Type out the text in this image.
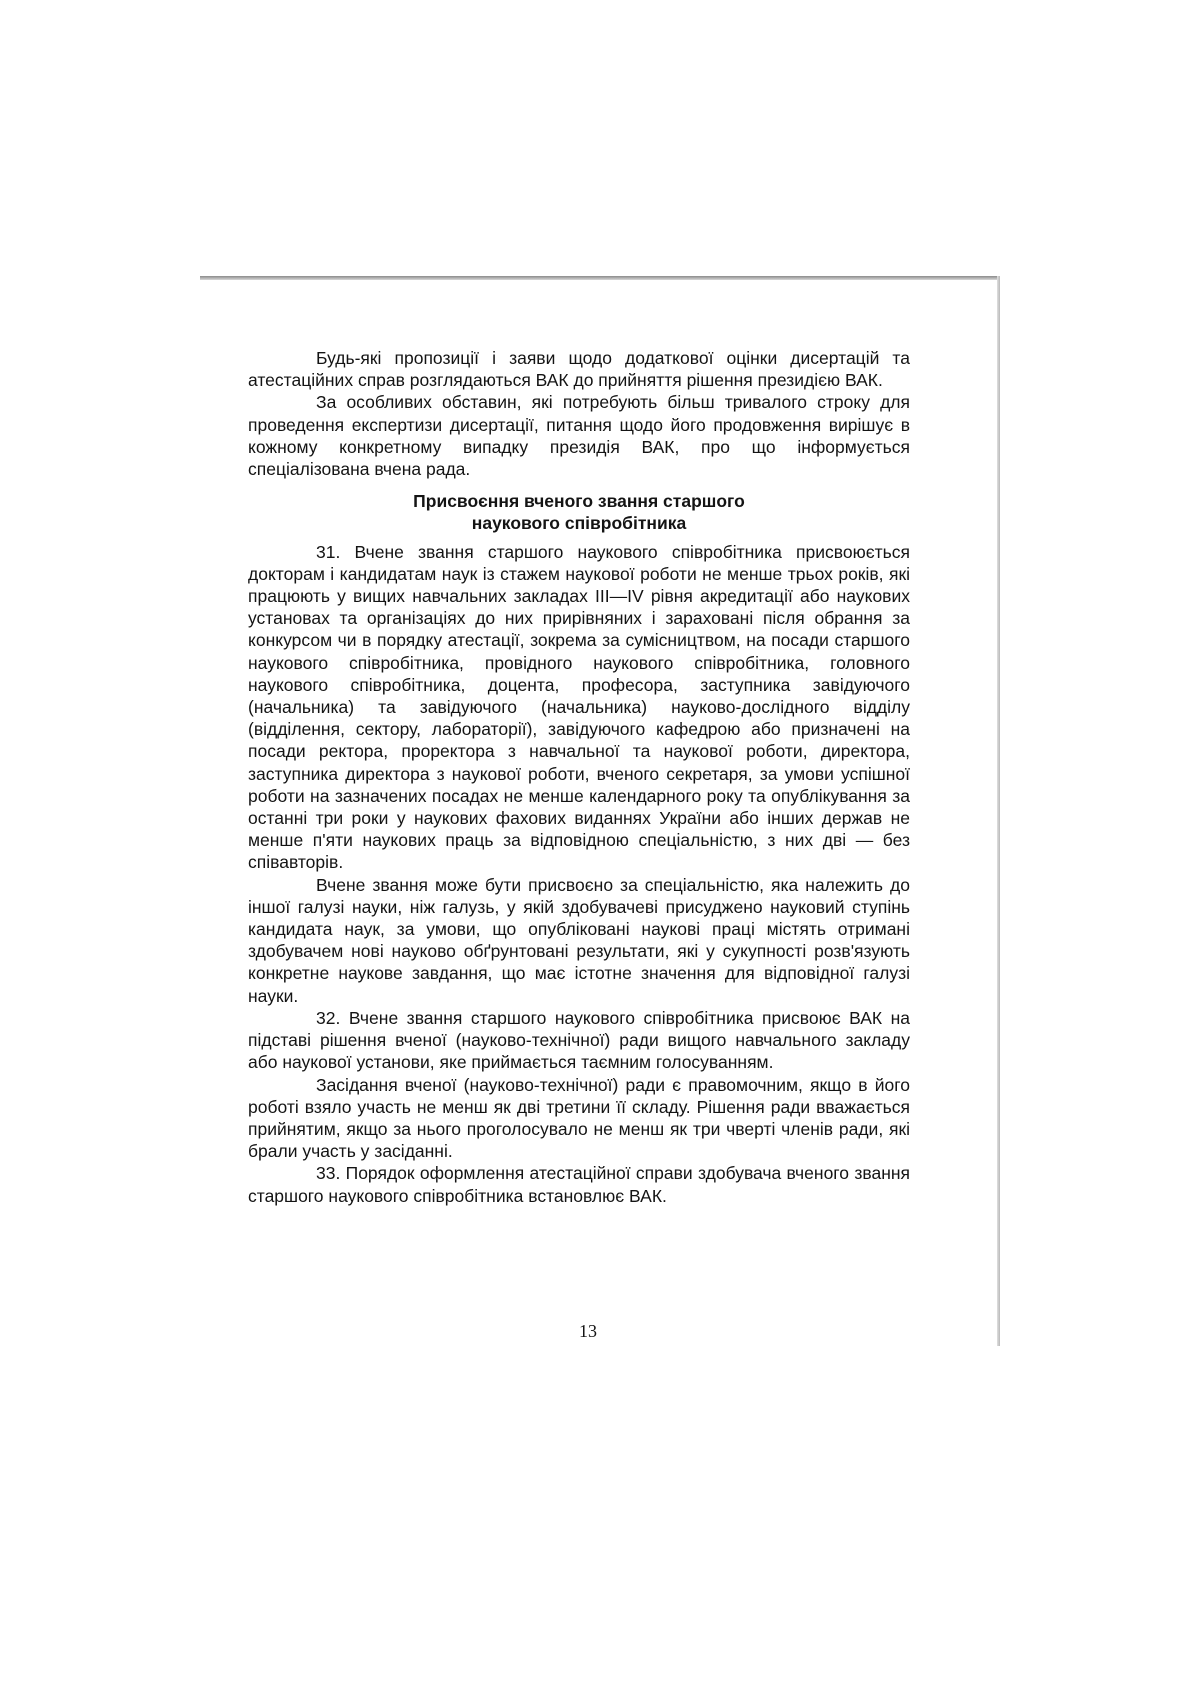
Будь-які пропозиції і заяви щодо додаткової оцінки дисертацій та атестаційних справ розглядаються ВАК до прийняття рішення президією ВАК.

За особливих обставин, які потребують більш тривалого строку для проведення експертизи дисертації, питання щодо його продовження вирішує в кожному конкретному випадку президія ВАК, про що інформується спеціалізована вчена рада.

Присвоєння вченого звання старшого
наукового співробітника

31. Вчене звання старшого наукового співробітника присвоюється докторам і кандидатам наук із стажем наукової роботи не менше трьох років, які працюють у вищих навчальних закладах III—IV рівня акредитації або наукових установах та організаціях до них прирівняних і зараховані після обрання за конкурсом чи в порядку атестації, зокрема за сумісництвом, на посади старшого наукового співробітника, провідного наукового співробітника, головного наукового співробітника, доцента, професора, заступника завідуючого (начальника) та завідуючого (начальника) науково-дослідного відділу (відділення, сектору, лабораторії), завідуючого кафедрою або призначені на посади ректора, проректора з навчальної та наукової роботи, директора, заступника директора з наукової роботи, вченого секретаря, за умови успішної роботи на зазначених посадах не менше календарного року та опублікування за останні три роки у наукових фахових виданнях України або інших держав не менше п'яти наукових праць за відповідною спеціальністю, з них дві — без співавторів.

Вчене звання може бути присвоєно за спеціальністю, яка належить до іншої галузі науки, ніж галузь, у якій здобувачеві присуджено науковий ступінь кандидата наук, за умови, що опубліковані наукові праці містять отримані здобувачем нові науково обґрунтовані результати, які у сукупності розв'язують конкретне наукове завдання, що має істотне значення для відповідної галузі науки.

32. Вчене звання старшого наукового співробітника присвоює ВАК на підставі рішення вченої (науково-технічної) ради вищого навчального закладу або наукової установи, яке приймається таємним голосуванням.

Засідання вченої (науково-технічної) ради є правомочним, якщо в його роботі взяло участь не менш як дві третини її складу. Рішення ради вважається прийнятим, якщо за нього проголосувало не менш як три чверті членів ради, які брали участь у засіданні.

33. Порядок оформлення атестаційної справи здобувача вченого звання старшого наукового співробітника встановлює ВАК.

13
